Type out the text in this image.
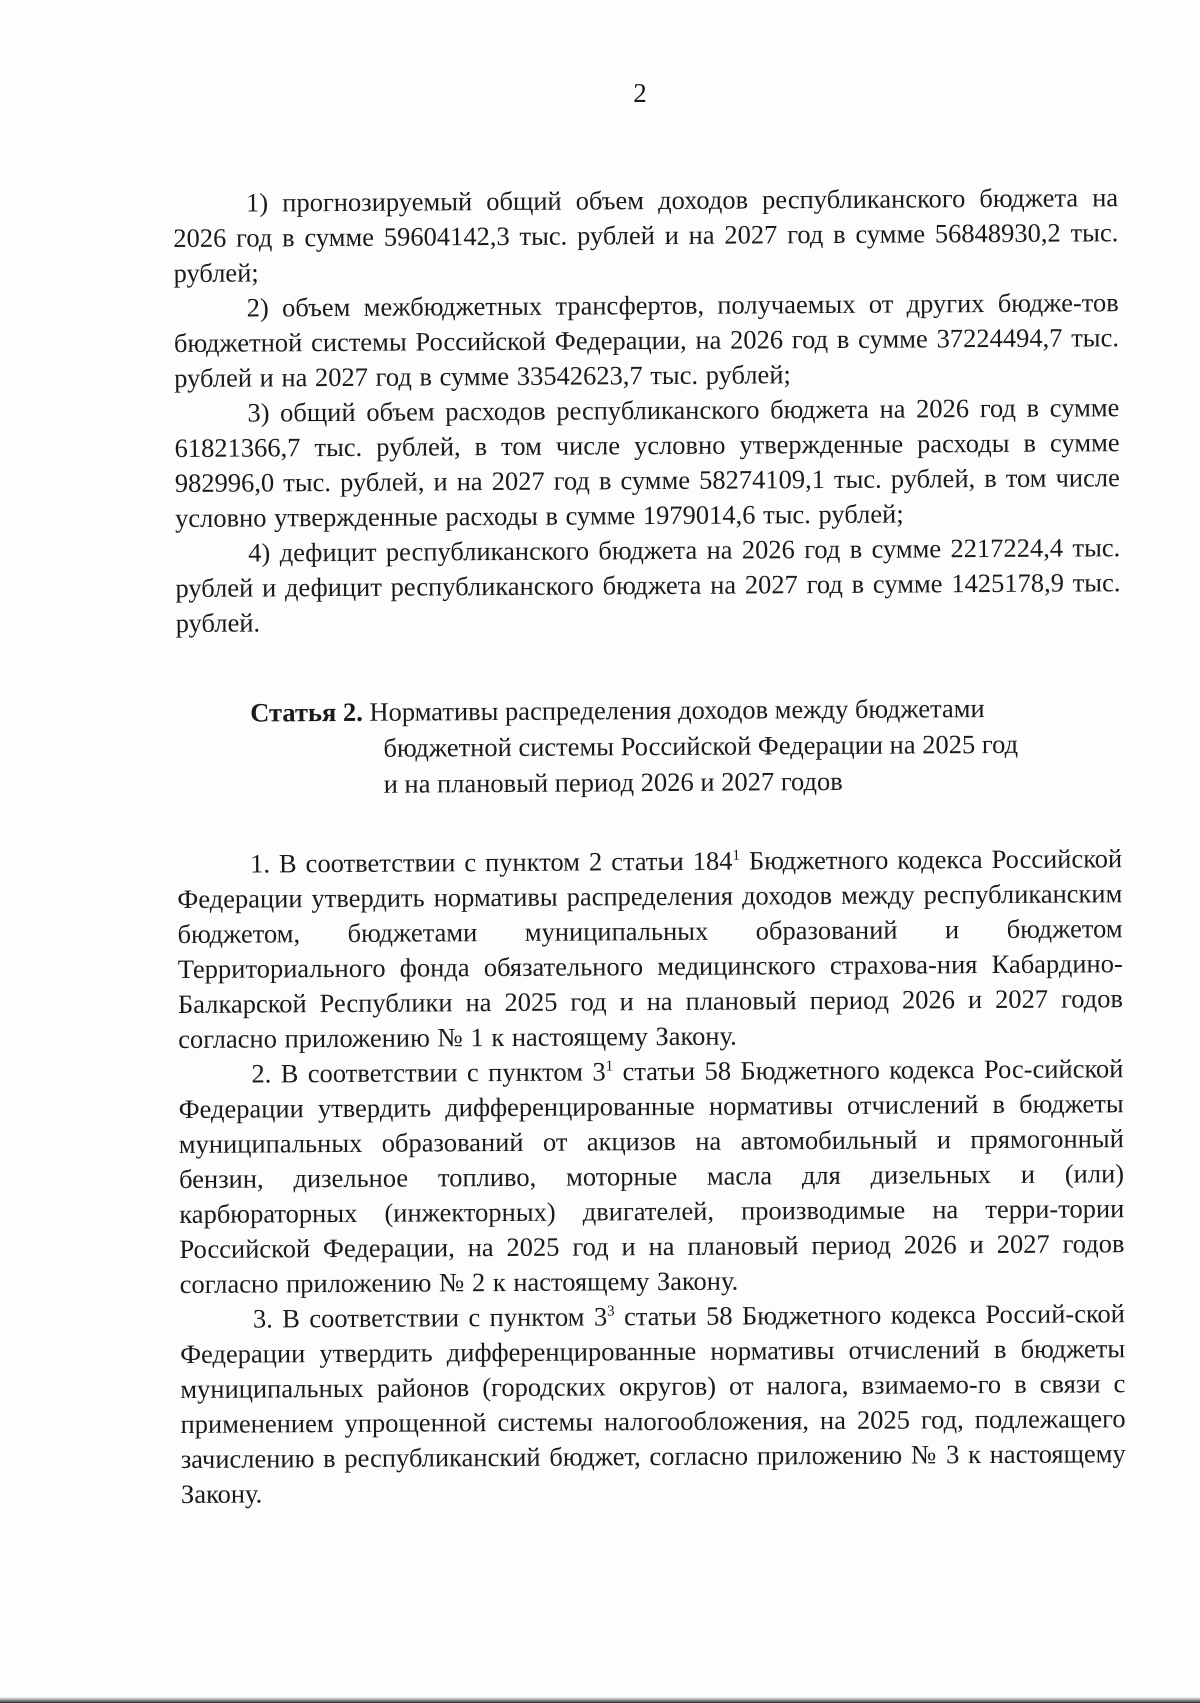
2

1) прогнозируемый общий объем доходов республиканского бюджета на 2026 год в сумме 59604142,3 тыс. рублей и на 2027 год в сумме 56848930,2 тыс. рублей;

2) объем межбюджетных трансфертов, получаемых от других бюдже-тов бюджетной системы Российской Федерации, на 2026 год в сумме 37224494,7 тыс. рублей и на 2027 год в сумме 33542623,7 тыс. рублей;

3) общий объем расходов республиканского бюджета на 2026 год в сумме 61821366,7 тыс. рублей, в том числе условно утвержденные расходы в сумме 982996,0 тыс. рублей, и на 2027 год в сумме 58274109,1 тыс. рублей, в том числе условно утвержденные расходы в сумме 1979014,6 тыс. рублей;

4) дефицит республиканского бюджета на 2026 год в сумме 2217224,4 тыс. рублей и дефицит республиканского бюджета на 2027 год в сумме 1425178,9 тыс. рублей.

Статья 2. Нормативы распределения доходов между бюджетами
бюджетной системы Российской Федерации на 2025 год
и на плановый период 2026 и 2027 годов

1. В соответствии с пунктом 2 статьи $184^1$ Бюджетного кодекса Российской Федерации утвердить нормативы распределения доходов между республиканским бюджетом, бюджетами муниципальных образований и бюджетом Территориального фонда обязательного медицинского страхова-ния Кабардино-Балкарской Республики на 2025 год и на плановый период 2026 и 2027 годов согласно приложению № 1 к настоящему Закону.

2. В соответствии с пунктом $3^1$ статьи 58 Бюджетного кодекса Рос-сийской Федерации утвердить дифференцированные нормативы отчислений в бюджеты муниципальных образований от акцизов на автомобильный и прямогонный бензин, дизельное топливо, моторные масла для дизельных и (или) карбюраторных (инжекторных) двигателей, производимые на терри-тории Российской Федерации, на 2025 год и на плановый период 2026 и 2027 годов согласно приложению № 2 к настоящему Закону.

3. В соответствии с пунктом $3^3$ статьи 58 Бюджетного кодекса Россий-ской Федерации утвердить дифференцированные нормативы отчислений в бюджеты муниципальных районов (городских округов) от налога, взимаемо-го в связи с применением упрощенной системы налогообложения, на 2025 год, подлежащего зачислению в республиканский бюджет, согласно приложению № 3 к настоящему Закону.
